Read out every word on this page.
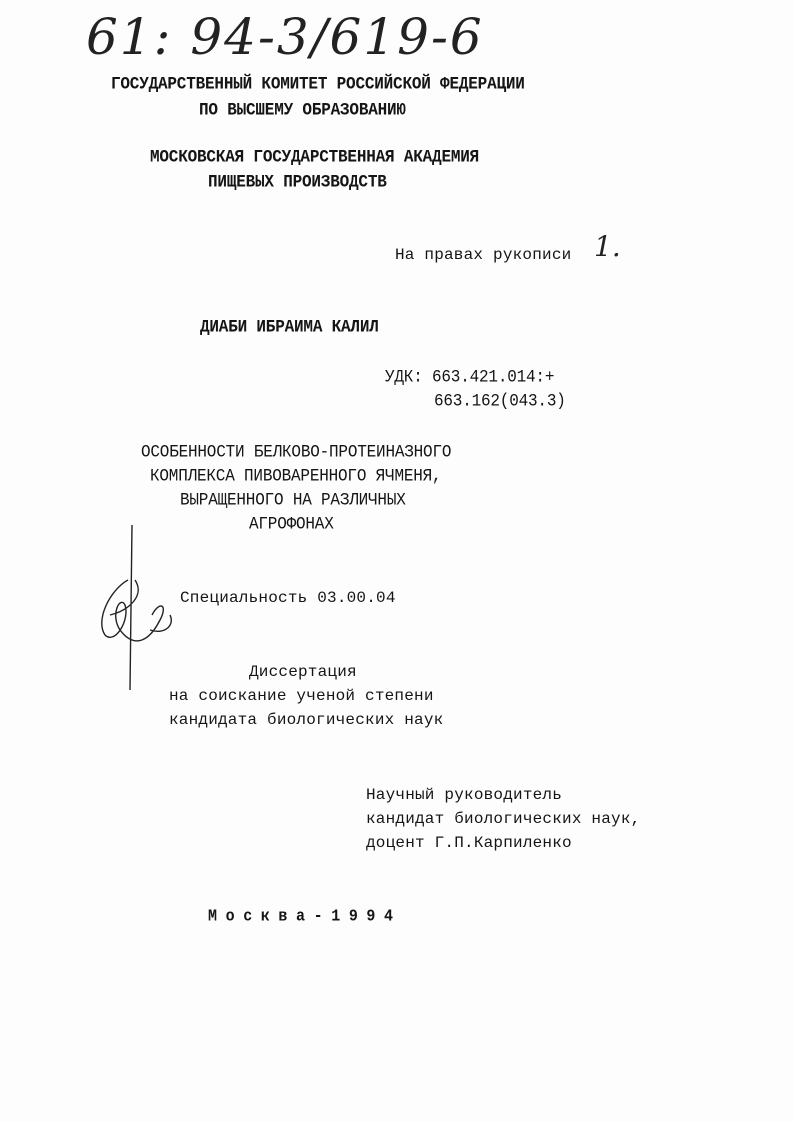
61: 94-3/619-6
ГОСУДАРСТВЕННЫЙ КОМИТЕТ РОССИЙСКОЙ ФЕДЕРАЦИИ
ПО ВЫСШЕМУ ОБРАЗОВАНИЮ
МОСКОВСКАЯ ГОСУДАРСТВЕННАЯ АКАДЕМИЯ
ПИЩЕВЫХ ПРОИЗВОДСТВ
На правах рукописи 1.
ДИАБИ ИБРАИМА КАЛИЛ
УДК: 663.421.014:+
663.162(043.3)
ОСОБЕННОСТИ БЕЛКОВО-ПРОТЕИНАЗНОГО
КОМПЛЕКСА ПИВОВАРЕННОГО ЯЧМЕНЯ,
ВЫРАЩЕННОГО НА РАЗЛИЧНЫХ
АГРОФОНАХ
Специальность 03.00.04
Диссертация
на соискание ученой степени
кандидата биологических наук
Научный руководитель
кандидат биологических наук,
доцент Г.П.Карпиленко
М о с к в а - 1 9 9 4
